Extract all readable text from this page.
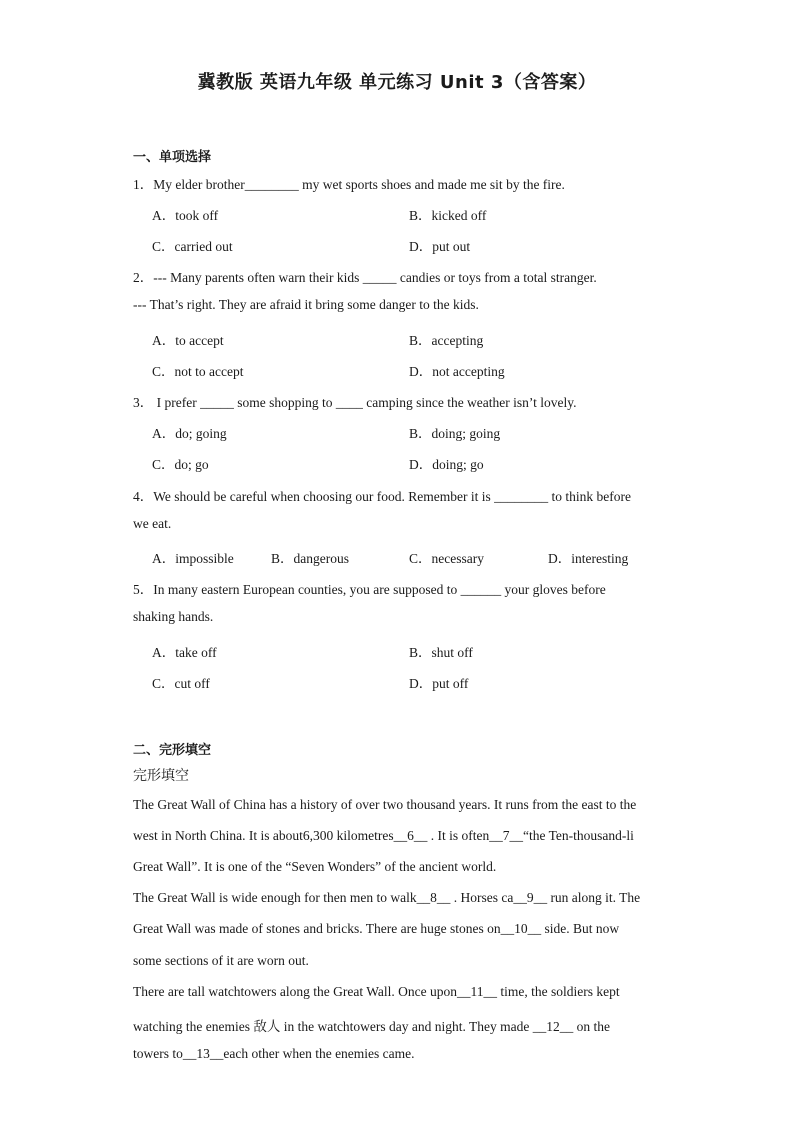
冀教版 英语九年级 单元练习 Unit 3（含答案）
一、单项选择
1．My elder brother________ my wet sports shoes and made me sit by the fire.
A．took off	B．kicked off
C．carried out	D．put out
2．--- Many parents often warn their kids _____ candies or toys from a total stranger.
--- That’s right. They are afraid it bring some danger to the kids.
A．to accept	B．accepting
C．not to accept	D．not accepting
3． I prefer _____ some shopping to ____ camping since the weather isn’t lovely.
A．do; going	B．doing; going
C．do; go	D．doing; go
4．We should be careful when choosing our food. Remember it is ________ to think before
we eat.
A．impossible	B．dangerous	C．necessary	D．interesting
5．In many eastern European counties, you are supposed to ______ your gloves before
shaking hands.
A．take off	B．shut off
C．cut off	D．put off
二、完形填空
完形填空
The Great Wall of China has a history of over two thousand years. It runs from the east to the
west in North China. It is about6,300 kilometres__6__ . It is often__7__“the Ten-thousand-li
Great Wall”. It is one of the “Seven Wonders” of the ancient world.
The Great Wall is wide enough for then men to walk__8__ . Horses ca__9__ run along it. The
Great Wall was made of stones and bricks. There are huge stones on__10__ side. But now
some sections of it are worn out.
There are tall watchtowers along the Great Wall. Once upon__11__ time, the soldiers kept
watching the enemies 敌人 in the watchtowers day and night. They made __12__ on the
towers to__13__each other when the enemies came.
